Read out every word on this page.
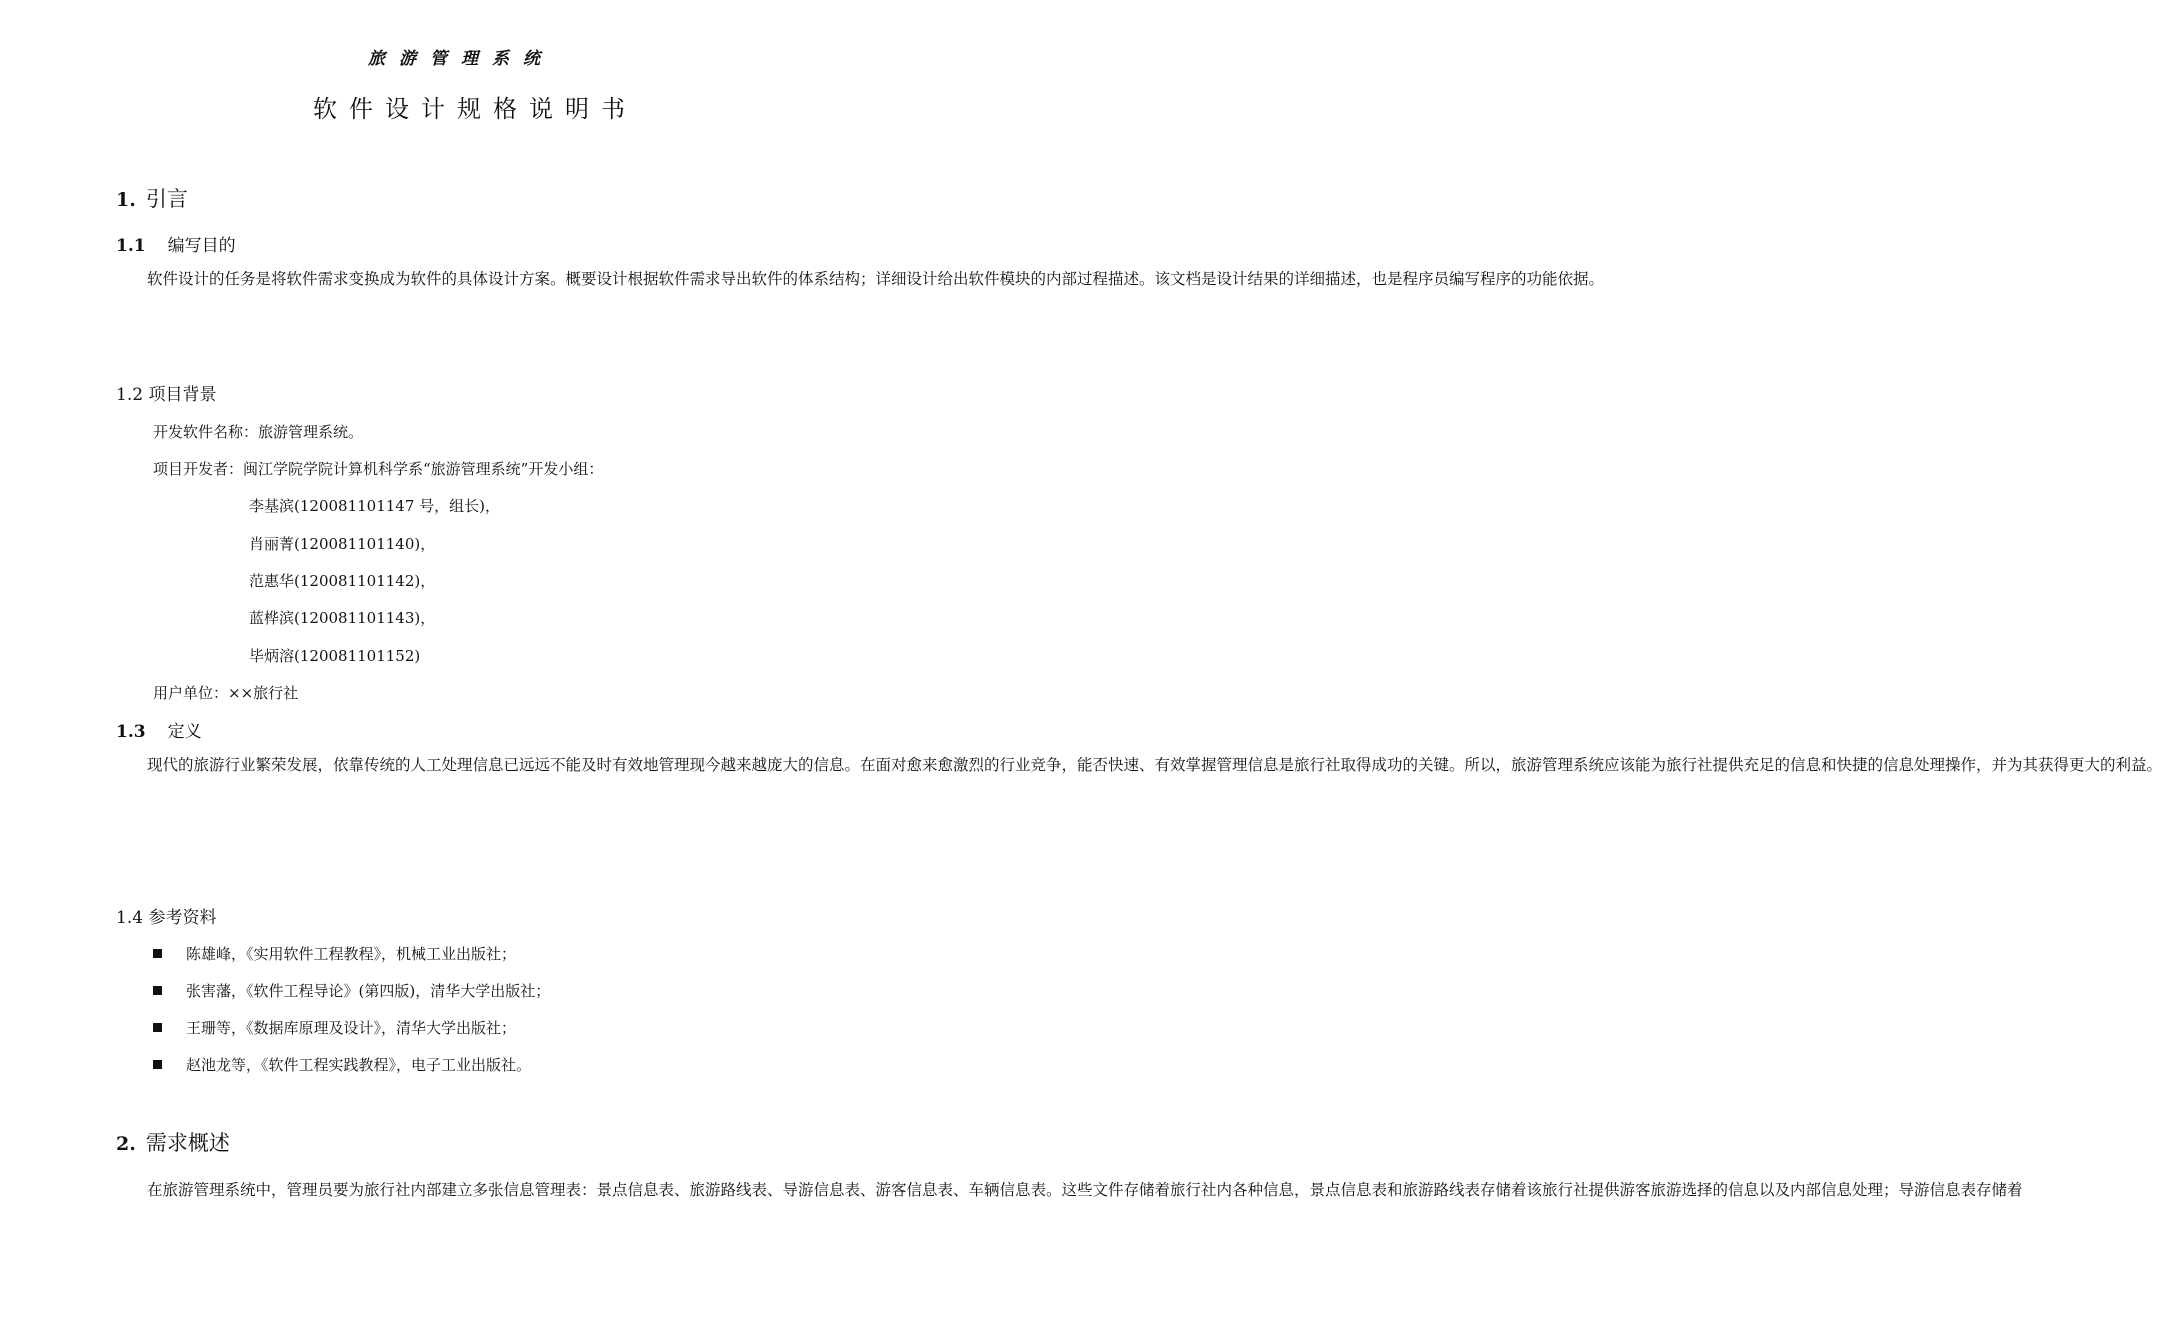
旅游管理系统
软件设计规格说明书
1. 引言
1.1 编写目的

软件设计的任务是将软件需求变换成为软件的具体设计方案。概要设计根据软件需求导出软件的体系结构；详细设计给出软件模块的内部过程描述。该文档是设计结果的详细描述，也是程序员编写程序的功能依据。

1.2 项目背景
开发软件名称：旅游管理系统。
项目开发者：闽江学院学院计算机科学系“旅游管理系统”开发小组：
李基滨(120081101147 号，组长)，
肖丽菁(120081101140)，
范惠华(120081101142)，
蓝桦滨(120081101143)，
毕炳溶(120081101152)
用户单位：××旅行社
1.3 定义

现代的旅游行业繁荣发展，依靠传统的人工处理信息已远远不能及时有效地管理现今越来越庞大的信息。在面对愈来愈激烈的行业竞争，能否快速、有效掌握管理信息是旅行社取得成功的关键。所以，旅游管理系统应该能为旅行社提供充足的信息和快捷的信息处理操作，并为其获得更大的利益。

1.4 参考资料
陈雄峰，《实用软件工程教程》，机械工业出版社；
张害藩，《软件工程导论》(第四版)，清华大学出版社；
王珊等，《数据库原理及设计》，清华大学出版社；
赵池龙等，《软件工程实践教程》，电子工业出版社。
2. 需求概述

在旅游管理系统中，管理员要为旅行社内部建立多张信息管理表：景点信息表、旅游路线表、导游信息表、游客信息表、车辆信息表。这些文件存储着旅行社内各种信息，景点信息表和旅游路线表存储着该旅行社提供游客旅游选择的信息以及内部信息处理；导游信息表存储着
